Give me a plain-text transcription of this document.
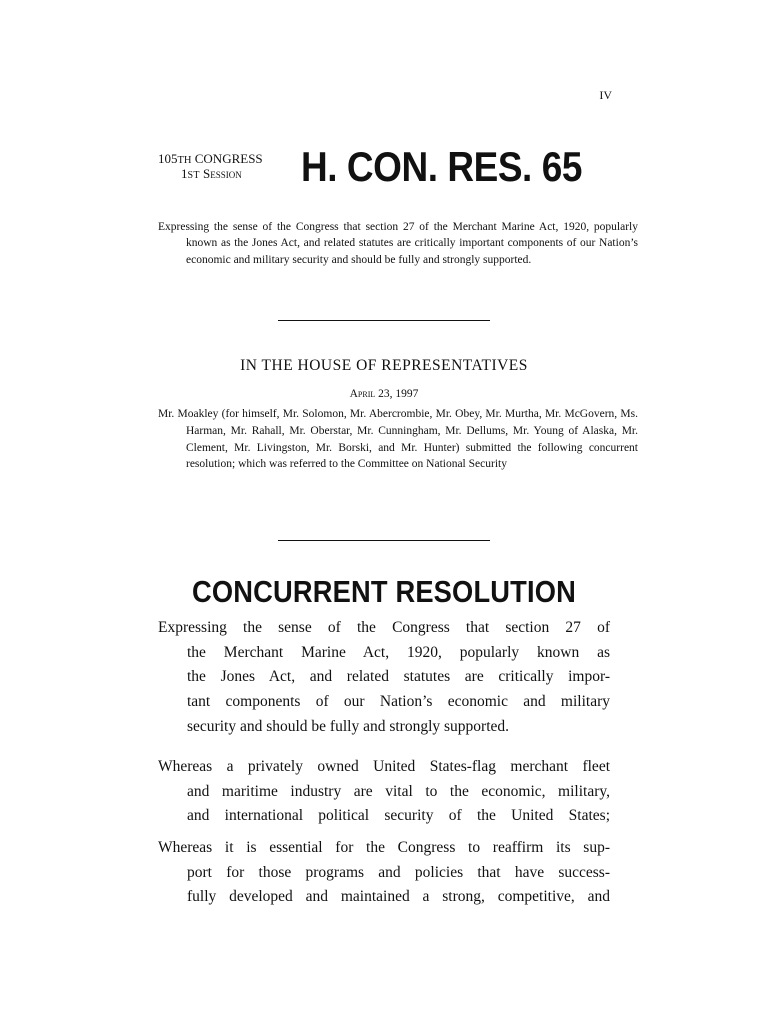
IV
105TH CONGRESS
1ST Session H. CON. RES. 65
Expressing the sense of the Congress that section 27 of the Merchant Marine Act, 1920, popularly known as the Jones Act, and related statutes are critically important components of our Nation’s economic and military security and should be fully and strongly supported.
IN THE HOUSE OF REPRESENTATIVES
April 23, 1997
Mr. Moakley (for himself, Mr. Solomon, Mr. Abercrombie, Mr. Obey, Mr. Murtha, Mr. McGovern, Ms. Harman, Mr. Rahall, Mr. Oberstar, Mr. Cunningham, Mr. Dellums, Mr. Young of Alaska, Mr. Clement, Mr. Livingston, Mr. Borski, and Mr. Hunter) submitted the following concurrent resolution; which was referred to the Committee on National Security
CONCURRENT RESOLUTION
Expressing the sense of the Congress that section 27 of
the Merchant Marine Act, 1920, popularly known as
the Jones Act, and related statutes are critically impor-
tant components of our Nation’s economic and military
security and should be fully and strongly supported.
Whereas a privately owned United States-flag merchant fleet
and maritime industry are vital to the economic, military,
and international political security of the United States;
Whereas it is essential for the Congress to reaffirm its sup-
port for those programs and policies that have success-
fully developed and maintained a strong, competitive, and
